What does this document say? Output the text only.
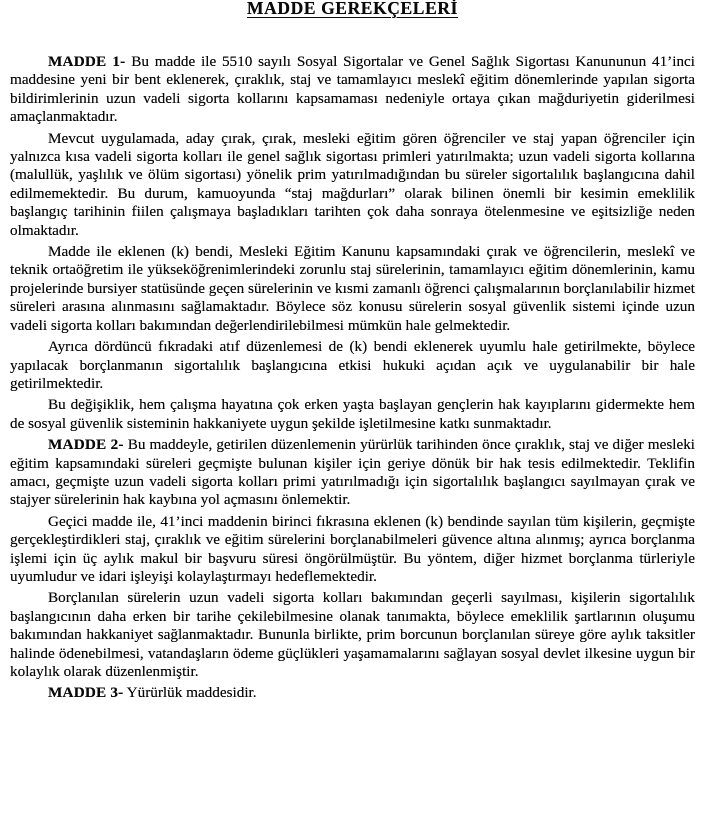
MADDE GEREKÇELERİ

MADDE 1- Bu madde ile 5510 sayılı Sosyal Sigortalar ve Genel Sağlık Sigortası Kanununun 41’inci maddesine yeni bir bent eklenerek, çıraklık, staj ve tamamlayıcı meslekî eğitim dönemlerinde yapılan sigorta bildirimlerinin uzun vadeli sigorta kollarını kapsamaması nedeniyle ortaya çıkan mağduriyetin giderilmesi amaçlanmaktadır.

Mevcut uygulamada, aday çırak, çırak, mesleki eğitim gören öğrenciler ve staj yapan öğrenciler için yalnızca kısa vadeli sigorta kolları ile genel sağlık sigortası primleri yatırılmakta; uzun vadeli sigorta kollarına (malullük, yaşlılık ve ölüm sigortası) yönelik prim yatırılmadığından bu süreler sigortalılık başlangıcına dahil edilmemektedir. Bu durum, kamuoyunda “staj mağdurları” olarak bilinen önemli bir kesimin emeklilik başlangıç tarihinin fiilen çalışmaya başladıkları tarihten çok daha sonraya ötelenmesine ve eşitsizliğe neden olmaktadır.

Madde ile eklenen (k) bendi, Mesleki Eğitim Kanunu kapsamındaki çırak ve öğrencilerin, meslekî ve teknik ortaöğretim ile yükseköğrenimlerindeki zorunlu staj sürelerinin, tamamlayıcı eğitim dönemlerinin, kamu projelerinde bursiyer statüsünde geçen sürelerinin ve kısmi zamanlı öğrenci çalışmalarının borçlanılabilir hizmet süreleri arasına alınmasını sağlamaktadır. Böylece söz konusu sürelerin sosyal güvenlik sistemi içinde uzun vadeli sigorta kolları bakımından değerlendirilebilmesi mümkün hale gelmektedir.

Ayrıca dördüncü fıkradaki atıf düzenlemesi de (k) bendi eklenerek uyumlu hale getirilmekte, böylece yapılacak borçlanmanın sigortalılık başlangıcına etkisi hukuki açıdan açık ve uygulanabilir bir hale getirilmektedir.

Bu değişiklik, hem çalışma hayatına çok erken yaşta başlayan gençlerin hak kayıplarını gidermekte hem de sosyal güvenlik sisteminin hakkaniyete uygun şekilde işletilmesine katkı sunmaktadır.

MADDE 2- Bu maddeyle, getirilen düzenlemenin yürürlük tarihinden önce çıraklık, staj ve diğer mesleki eğitim kapsamındaki süreleri geçmişte bulunan kişiler için geriye dönük bir hak tesis edilmektedir. Teklifin amacı, geçmişte uzun vadeli sigorta kolları primi yatırılmadığı için sigortalılık başlangıcı sayılmayan çırak ve stajyer sürelerinin hak kaybına yol açmasını önlemektir.

Geçici madde ile, 41’inci maddenin birinci fıkrasına eklenen (k) bendinde sayılan tüm kişilerin, geçmişte gerçekleştirdikleri staj, çıraklık ve eğitim sürelerini borçlanabilmeleri güvence altına alınmış; ayrıca borçlanma işlemi için üç aylık makul bir başvuru süresi öngörülmüştür. Bu yöntem, diğer hizmet borçlanma türleriyle uyumludur ve idari işleyişi kolaylaştırmayı hedeflemektedir.

Borçlanılan sürelerin uzun vadeli sigorta kolları bakımından geçerli sayılması, kişilerin sigortalılık başlangıcının daha erken bir tarihe çekilebilmesine olanak tanımakta, böylece emeklilik şartlarının oluşumu bakımından hakkaniyet sağlanmaktadır. Bununla birlikte, prim borcunun borçlanılan süreye göre aylık taksitler halinde ödenebilmesi, vatandaşların ödeme güçlükleri yaşamamalarını sağlayan sosyal devlet ilkesine uygun bir kolaylık olarak düzenlenmiştir.

MADDE 3- Yürürlük maddesidir.
